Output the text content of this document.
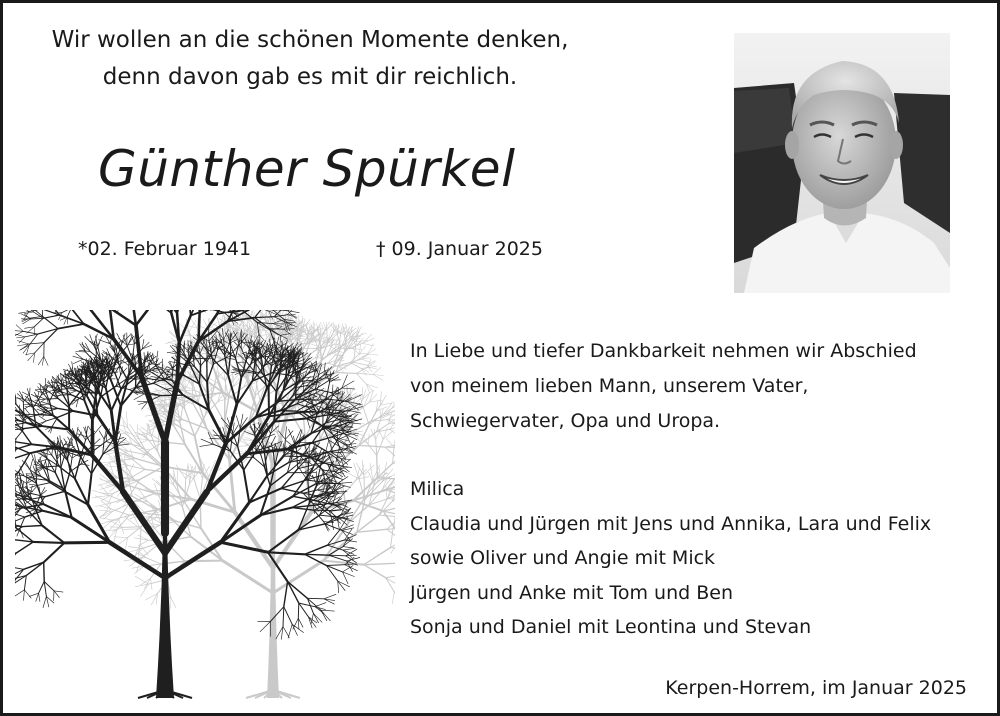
Wir wollen an die schönen Momente denken,
denn davon gab es mit dir reichlich.
Günther Spürkel
*02. Februar 1941	† 09. Januar 2025
In Liebe und tiefer Dankbarkeit nehmen wir Abschied
von meinem lieben Mann, unserem Vater,
Schwiegervater, Opa und Uropa.
Milica
Claudia und Jürgen mit Jens und Annika, Lara und Felix
sowie Oliver und Angie mit Mick
Jürgen und Anke mit Tom und Ben
Sonja und Daniel mit Leontina und Stevan
Kerpen-Horrem, im Januar 2025
